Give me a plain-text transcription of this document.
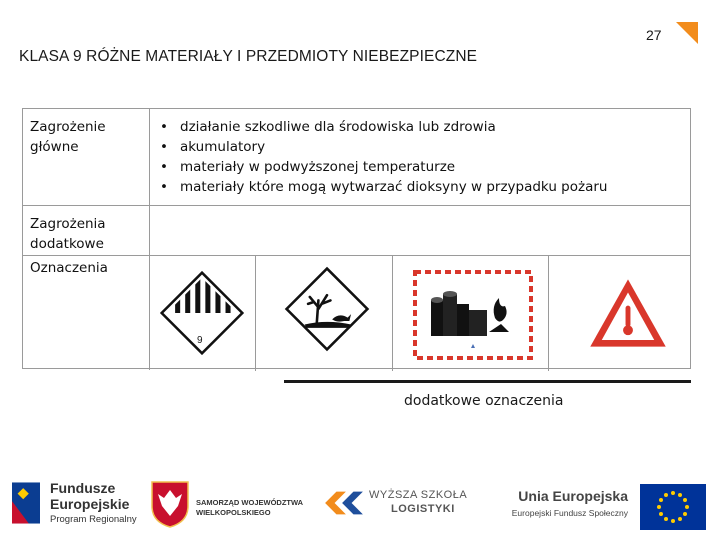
27
KLASA 9 RÓŻNE MATERIAŁY I PRZEDMIOTY NIEBEZPIECZNE
Zagrożenie główne
• działanie szkodliwe dla środowiska lub zdrowia
• akumulatory
• materiały w podwyższonej temperaturze
• materiały które mogą wytwarzać dioksyny w przypadku pożaru
Zagrożenia dodatkowe
Oznaczenia
9
dodatkowe oznaczenia
Fundusze
Europejskie
Program Regionalny
SAMORZĄD WOJEWÓDZTWA
WIELKOPOLSKIEGO
WYŻSZA SZKOŁA
LOGISTYKI
Unia Europejska
Europejski Fundusz Społeczny
